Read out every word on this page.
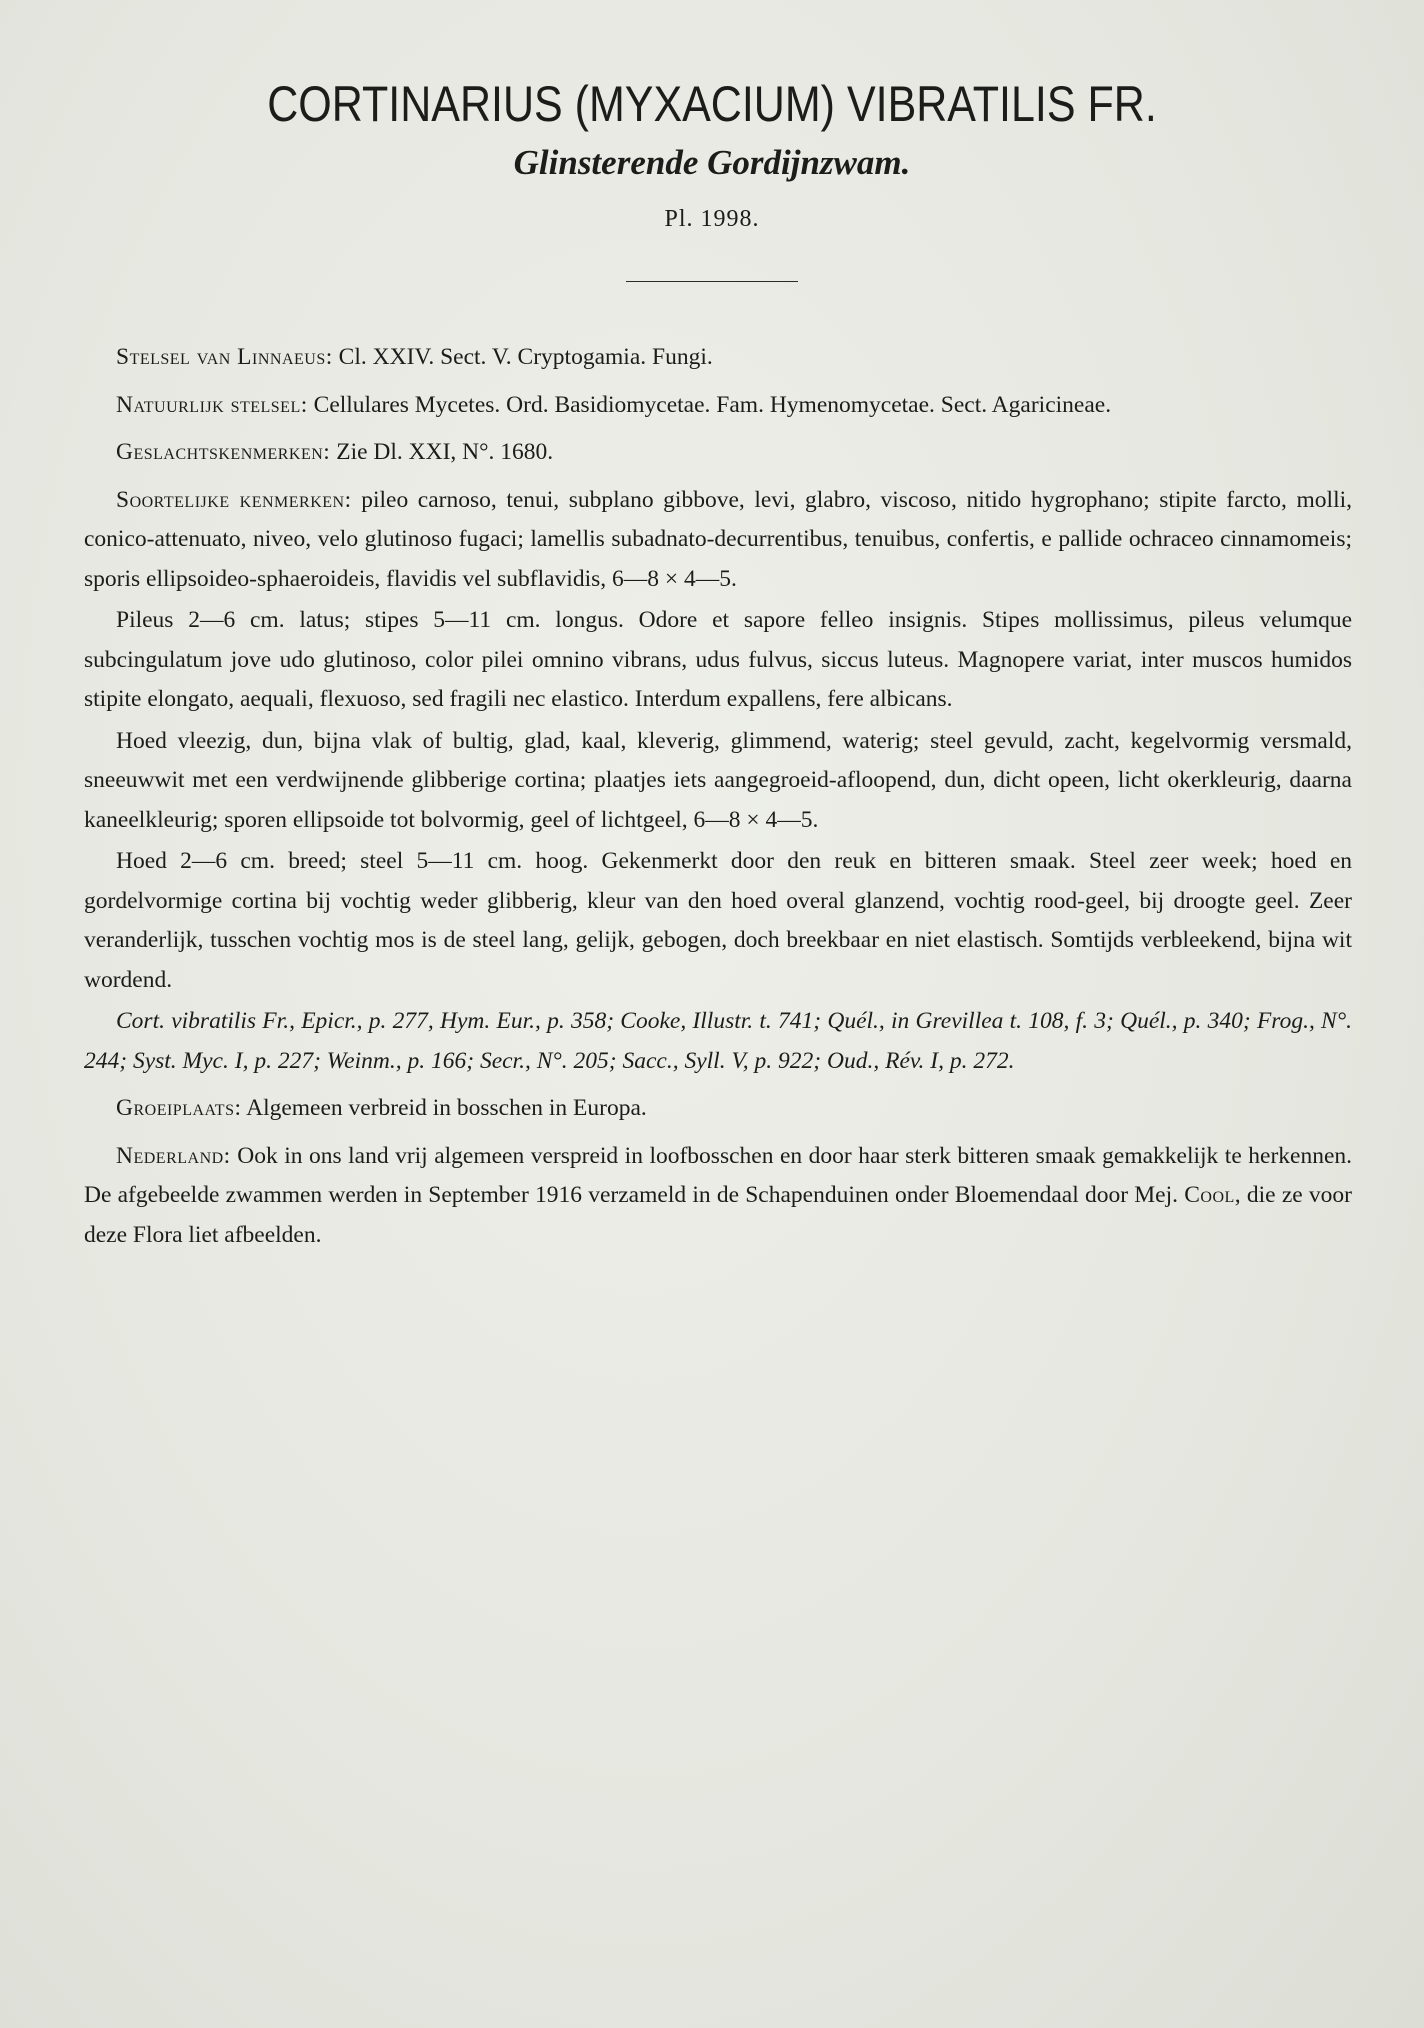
CORTINARIUS (MYXACIUM) VIBRATILIS FR.
Glinsterende Gordijnzwam.
Pl. 1998.

Stelsel van Linnaeus: Cl. XXIV. Sect. V. Cryptogamia. Fungi.

Natuurlijk stelsel: Cellulares Mycetes. Ord. Basidiomycetae. Fam. Hymenomycetae. Sect. Agaricineae.

Geslachtskenmerken: Zie Dl. XXI, N°. 1680.

Soortelijke kenmerken: pileo carnoso, tenui, subplano gibbove, levi, glabro, viscoso, nitido hygrophano; stipite farcto, molli, conico-attenuato, niveo, velo glutinoso fugaci; lamellis subadnato-decurrentibus, tenuibus, confertis, e pallide ochraceo cinnamomeis; sporis ellipsoideo-sphaeroideis, flavidis vel subflavidis, 6—8 × 4—5.

Pileus 2—6 cm. latus; stipes 5—11 cm. longus. Odore et sapore felleo insignis. Stipes mollissimus, pileus velumque subcingulatum jove udo glutinoso, color pilei omnino vibrans, udus fulvus, siccus luteus. Magnopere variat, inter muscos humidos stipite elongato, aequali, flexuoso, sed fragili nec elastico. Interdum expallens, fere albicans.

Hoed vleezig, dun, bijna vlak of bultig, glad, kaal, kleverig, glimmend, waterig; steel gevuld, zacht, kegelvormig versmald, sneeuwwit met een verdwijnende glibberige cortina; plaatjes iets aangegroeid-afloopend, dun, dicht opeen, licht okerkleurig, daarna kaneelkleurig; sporen ellipsoide tot bolvormig, geel of lichtgeel, 6—8 × 4—5.

Hoed 2—6 cm. breed; steel 5—11 cm. hoog. Gekenmerkt door den reuk en bitteren smaak. Steel zeer week; hoed en gordelvormige cortina bij vochtig weder glibberig, kleur van den hoed overal glanzend, vochtig rood-geel, bij droogte geel. Zeer veranderlijk, tusschen vochtig mos is de steel lang, gelijk, gebogen, doch breekbaar en niet elastisch. Somtijds verbleekend, bijna wit wordend.

Cort. vibratilis Fr., Epicr., p. 277, Hym. Eur., p. 358; Cooke, Illustr. t. 741; Quél., in Grevillea t. 108, f. 3; Quél., p. 340; Frog., N°. 244; Syst. Myc. I, p. 227; Weinm., p. 166; Secr., N°. 205; Sacc., Syll. V, p. 922; Oud., Rév. I, p. 272.

Groeiplaats: Algemeen verbreid in bosschen in Europa.

Nederland: Ook in ons land vrij algemeen verspreid in loofbosschen en door haar sterk bitteren smaak gemakkelijk te herkennen. De afgebeelde zwammen werden in September 1916 verzameld in de Schapenduinen onder Bloemendaal door Mej. Cool, die ze voor deze Flora liet afbeelden.
